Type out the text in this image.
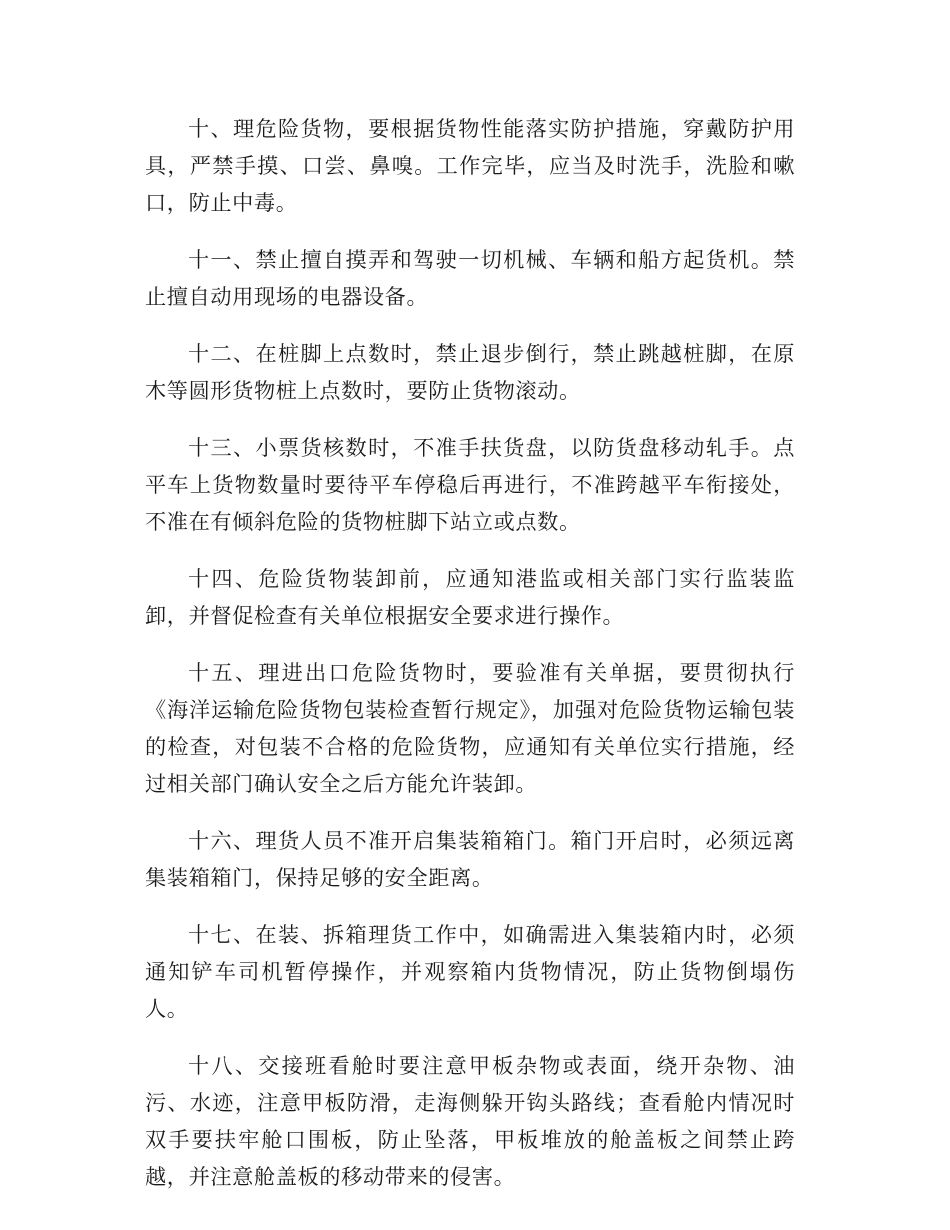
十、理危险货物，要根据货物性能落实防护措施，穿戴防护用具，严禁手摸、口尝、鼻嗅。工作完毕，应当及时洗手，洗脸和嗽口，防止中毒。

十一、禁止擅自摸弄和驾驶一切机械、车辆和船方起货机。禁止擅自动用现场的电器设备。

十二、在桩脚上点数时，禁止退步倒行，禁止跳越桩脚，在原木等圆形货物桩上点数时，要防止货物滚动。

十三、小票货核数时，不准手扶货盘，以防货盘移动轧手。点平车上货物数量时要待平车停稳后再进行，不准跨越平车衔接处，不准在有倾斜危险的货物桩脚下站立或点数。

十四、危险货物装卸前，应通知港监或相关部门实行监装监卸，并督促检查有关单位根据安全要求进行操作。

十五、理进出口危险货物时，要验准有关单据，要贯彻执行《海洋运输危险货物包装检查暂行规定》，加强对危险货物运输包装的检查，对包装不合格的危险货物，应通知有关单位实行措施，经过相关部门确认安全之后方能允许装卸。

十六、理货人员不准开启集装箱箱门。箱门开启时，必须远离集装箱箱门，保持足够的安全距离。

十七、在装、拆箱理货工作中，如确需进入集装箱内时，必须通知铲车司机暂停操作，并观察箱内货物情况，防止货物倒塌伤人。

十八、交接班看舱时要注意甲板杂物或表面，绕开杂物、油污、水迹，注意甲板防滑，走海侧躲开钩头路线；查看舱内情况时双手要扶牢舱口围板，防止坠落，甲板堆放的舱盖板之间禁止跨越，并注意舱盖板的移动带来的侵害。
